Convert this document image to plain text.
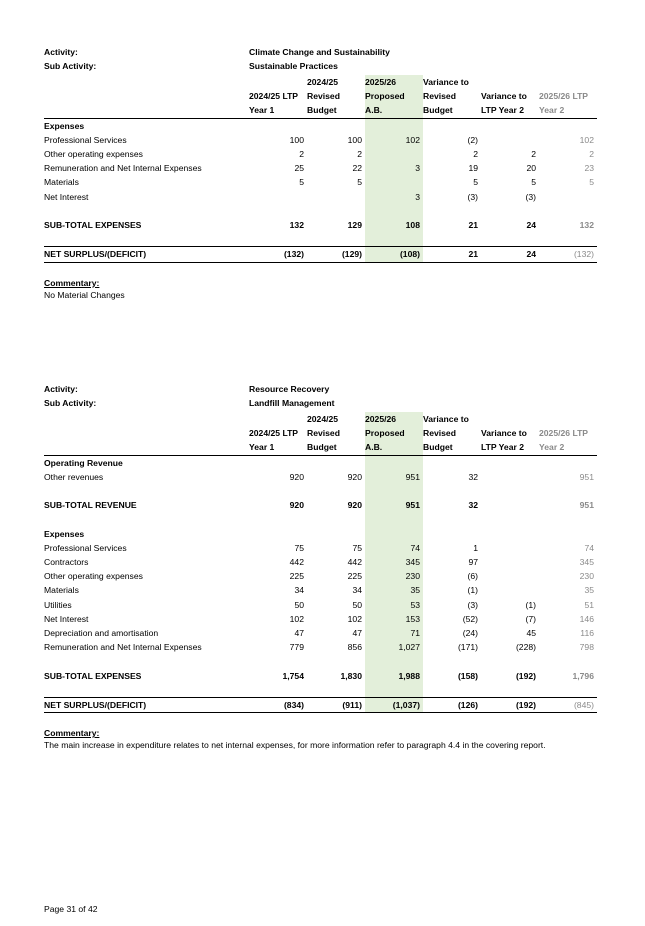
Activity:	Climate Change and Sustainability
Sub Activity:	Sustainable Practices
		2024/25	2025/26	Variance to		
	2024/25 LTP	Revised	Proposed	Revised	Variance to	2025/26 LTP
	Year 1	Budget	A.B.	Budget	LTP Year 2	Year 2
Expenses						
Professional Services	100	100	102	(2)		102
Other operating expenses	2	2		2	2	2
Remuneration and Net Internal Expenses	25	22	3	19	20	23
Materials	5	5		5	5	5
Net Interest			3	(3)	(3)	

SUB-TOTAL EXPENSES	132	129	108	21	24	132

NET SURPLUS/(DEFICIT)	(132)	(129)	(108)	21	24	(132)
Commentary:
No Material Changes
Activity:	Resource Recovery
Sub Activity:	Landfill Management
		2024/25	2025/26	Variance to		
	2024/25 LTP	Revised	Proposed	Revised	Variance to	2025/26 LTP
	Year 1	Budget	A.B.	Budget	LTP Year 2	Year 2
Operating Revenue						
Other revenues	920	920	951	32		951

SUB-TOTAL REVENUE	920	920	951	32		951

Expenses						
Professional Services	75	75	74	1		74
Contractors	442	442	345	97		345
Other operating expenses	225	225	230	(6)		230
Materials	34	34	35	(1)		35
Utilities	50	50	53	(3)	(1)	51
Net Interest	102	102	153	(52)	(7)	146
Depreciation and amortisation	47	47	71	(24)	45	116
Remuneration and Net Internal Expenses	779	856	1,027	(171)	(228)	798

SUB-TOTAL EXPENSES	1,754	1,830	1,988	(158)	(192)	1,796

NET SURPLUS/(DEFICIT)	(834)	(911)	(1,037)	(126)	(192)	(845)
Commentary:
The main increase in expenditure relates to net internal expenses, for more information refer to paragraph 4.4 in the covering report.
Page 31 of 42
